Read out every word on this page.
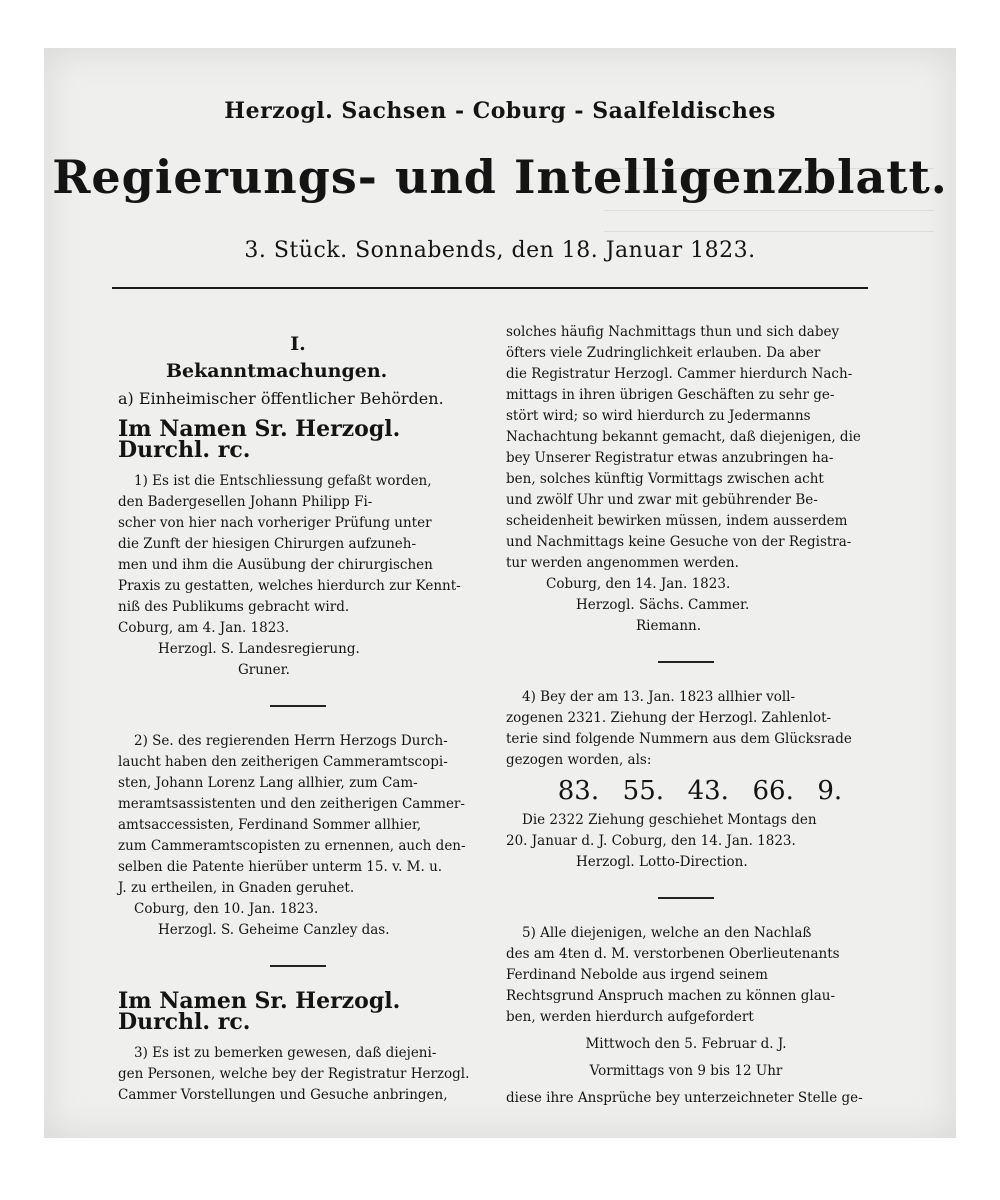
Herzogl. Sachsen - Coburg - Saalfeldisches
Regierungs- und Intelligenzblatt.
3. Stück. Sonnabends, den 18. Januar 1823.
I.
Bekanntmachungen.
a) Einheimischer öffentlicher Behörden.
Im Namen Sr. Herzogl. Durchl. rc.

1) Es ist die Entschliessung gefaßt worden,

den Badergesellen Johann Philipp Fi-

scher von hier nach vorheriger Prüfung unter

die Zunft der hiesigen Chirurgen aufzuneh-

men und ihm die Ausübung der chirurgischen

Praxis zu gestatten, welches hierdurch zur Kennt-

niß des Publikums gebracht wird.

Coburg, am 4. Jan. 1823.

Herzogl. S. Landesregierung.

Gruner.

2) Se. des regierenden Herrn Herzogs Durch-

laucht haben den zeitherigen Cammeramtscopi-

sten, Johann Lorenz Lang allhier, zum Cam-

meramtsassistenten und den zeitherigen Cammer-

amtsaccessisten, Ferdinand Sommer allhier,

zum Cammeramtscopisten zu ernennen, auch den-

selben die Patente hierüber unterm 15. v. M. u.

J. zu ertheilen, in Gnaden geruhet.

Coburg, den 10. Jan. 1823.

Herzogl. S. Geheime Canzley das.

Im Namen Sr. Herzogl. Durchl. rc.

3) Es ist zu bemerken gewesen, daß diejeni-

gen Personen, welche bey der Registratur Herzogl.

Cammer Vorstellungen und Gesuche anbringen,

solches häufig Nachmittags thun und sich dabey

öfters viele Zudringlichkeit erlauben. Da aber

die Registratur Herzogl. Cammer hierdurch Nach-

mittags in ihren übrigen Geschäften zu sehr ge-

stört wird; so wird hierdurch zu Jedermanns

Nachachtung bekannt gemacht, daß diejenigen, die

bey Unserer Registratur etwas anzubringen ha-

ben, solches künftig Vormittags zwischen acht

und zwölf Uhr und zwar mit gebührender Be-

scheidenheit bewirken müssen, indem ausserdem

und Nachmittags keine Gesuche von der Registra-

tur werden angenommen werden.

Coburg, den 14. Jan. 1823.

Herzogl. Sächs. Cammer.

Riemann.

4) Bey der am 13. Jan. 1823 allhier voll-

zogenen 2321. Ziehung der Herzogl. Zahlenlot-

terie sind folgende Nummern aus dem Glücksrade

gezogen worden, als:

83. 55. 43. 66. 9.

Die 2322 Ziehung geschiehet Montags den

20. Januar d. J. Coburg, den 14. Jan. 1823.

Herzogl. Lotto-Direction.

5) Alle diejenigen, welche an den Nachlaß

des am 4ten d. M. verstorbenen Oberlieutenants

Ferdinand Nebolde aus irgend seinem

Rechtsgrund Anspruch machen zu können glau-

ben, werden hierdurch aufgefordert

Mittwoch den 5. Februar d. J.

Vormittags von 9 bis 12 Uhr

diese ihre Ansprüche bey unterzeichneter Stelle ge-
